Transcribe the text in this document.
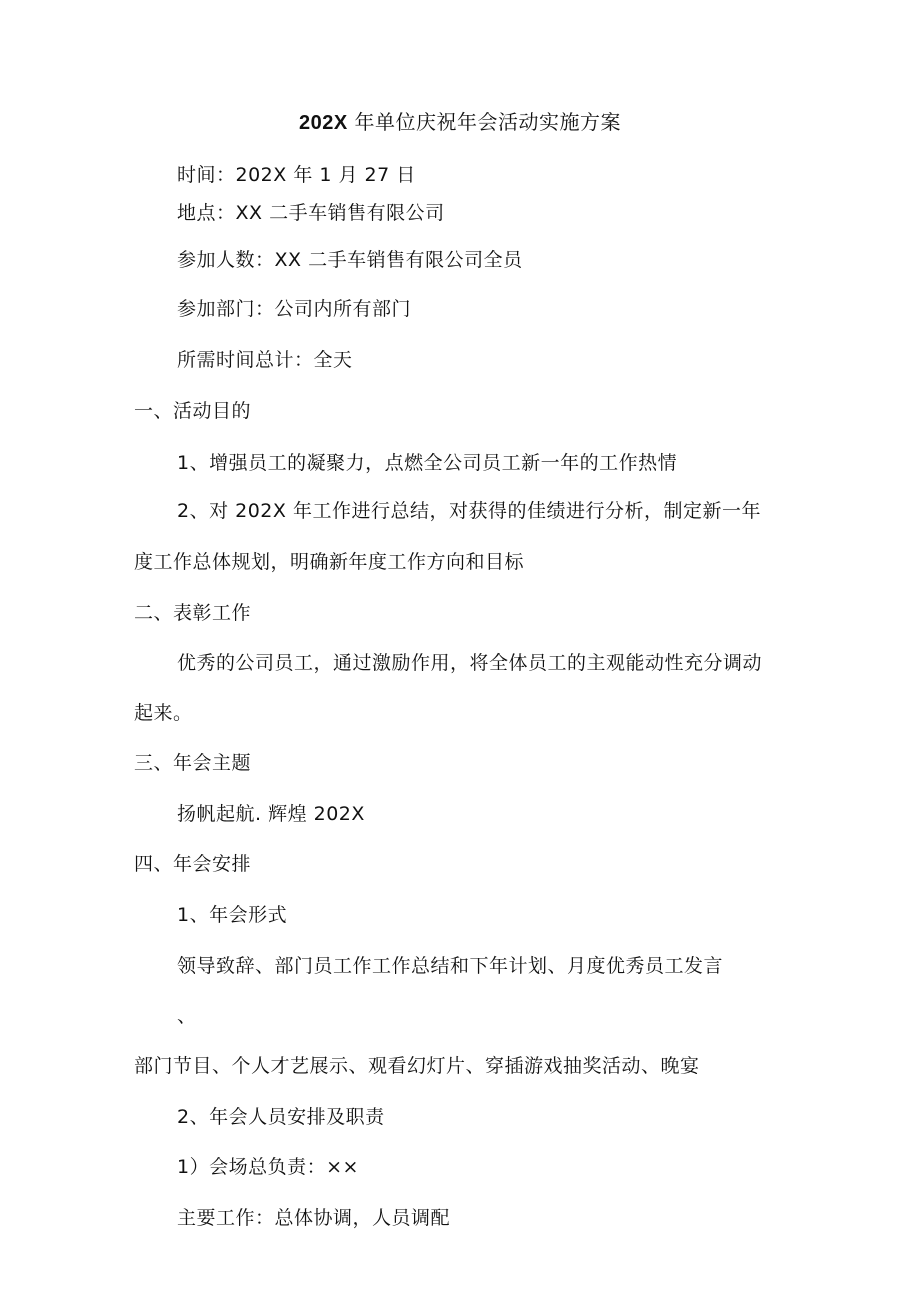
202X 年单位庆祝年会活动实施方案
时间：202X 年 1 月 27 日
地点：XX 二手车销售有限公司
参加人数：XX 二手车销售有限公司全员
参加部门：公司内所有部门
所需时间总计：全天
一、活动目的
1、增强员工的凝聚力，点燃全公司员工新一年的工作热情
2、对 202X 年工作进行总结，对获得的佳绩进行分析，制定新一年
度工作总体规划，明确新年度工作方向和目标
二、表彰工作
优秀的公司员工，通过激励作用，将全体员工的主观能动性充分调动
起来。
三、年会主题
扬帆起航. 辉煌 202X
四、年会安排
1、年会形式
领导致辞、部门员工作工作总结和下年计划、月度优秀员工发言
、
部门节目、个人才艺展示、观看幻灯片、穿插游戏抽奖活动、晚宴
2、年会人员安排及职责
1）会场总负责：××
主要工作：总体协调，人员调配
